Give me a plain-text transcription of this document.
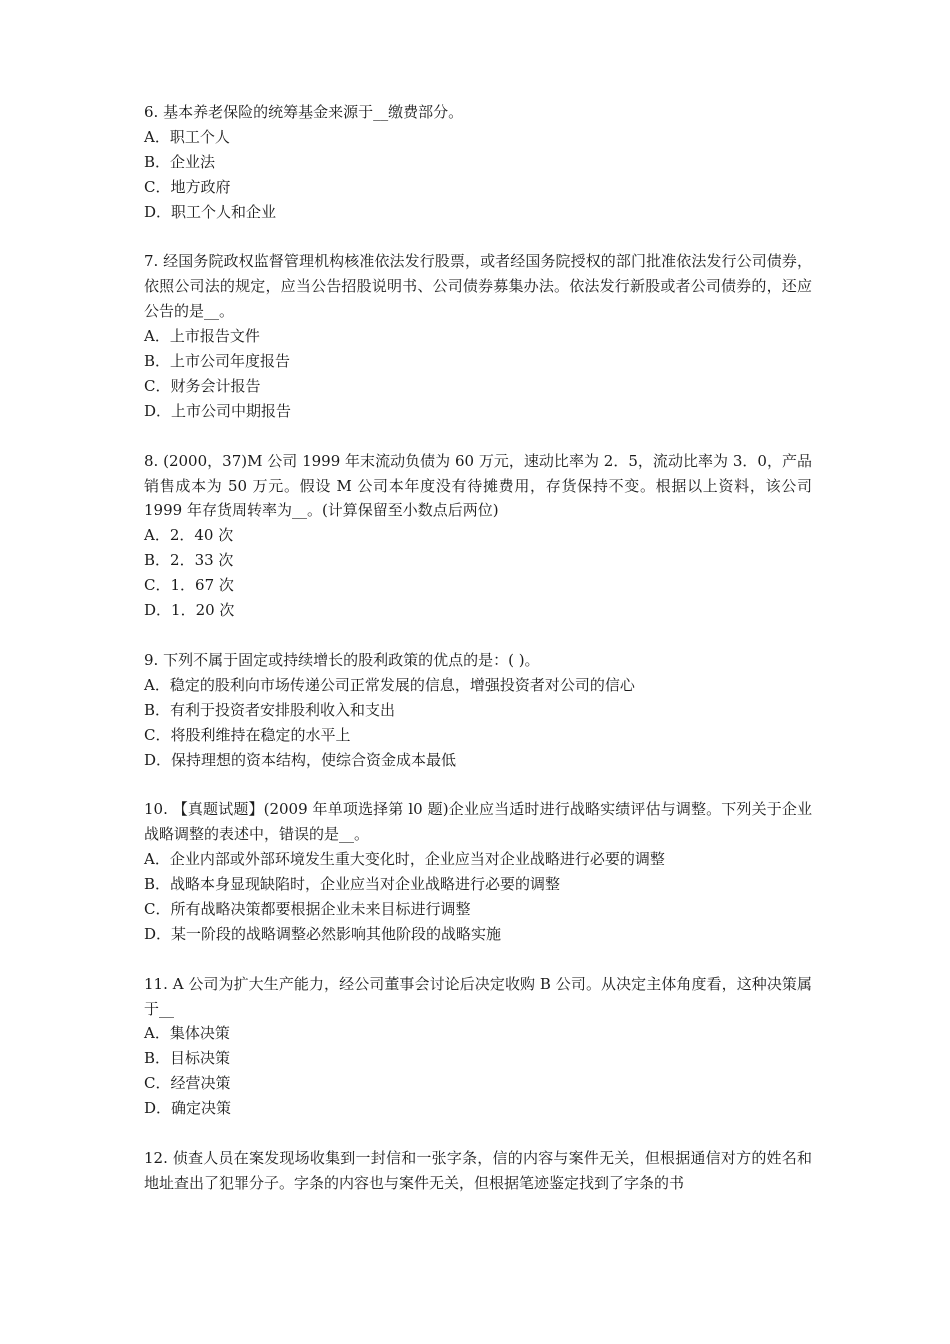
6. 基本养老保险的统筹基金来源于__缴费部分。

A．职工个人

B．企业法

C．地方政府

D．职工个人和企业

7. 经国务院政权监督管理机构核准依法发行股票，或者经国务院授权的部门批准依法发行公司债券，依照公司法的规定，应当公告招股说明书、公司债券募集办法。依法发行新股或者公司债券的，还应公告的是__。

A．上市报告文件

B．上市公司年度报告

C．财务会计报告

D．上市公司中期报告

8. (2000，37)M 公司 1999 年末流动负债为 60 万元，速动比率为 2．5，流动比率为 3．0，产品销售成本为 50 万元。假设 M 公司本年度没有待摊费用，存货保持不变。根据以上资料，该公司 1999 年存货周转率为__。(计算保留至小数点后两位)

A．2．40 次

B．2．33 次

C．1．67 次

D．1．20 次

9. 下列不属于固定或持续增长的股利政策的优点的是：( )。

A．稳定的股利向市场传递公司正常发展的信息，增强投资者对公司的信心

B．有利于投资者安排股利收入和支出

C．将股利维持在稳定的水平上

D．保持理想的资本结构，使综合资金成本最低

10. 【真题试题】(2009 年单项选择第 l0 题)企业应当适时进行战略实绩评估与调整。下列关于企业战略调整的表述中，错误的是__。

A．企业内部或外部环境发生重大变化时，企业应当对企业战略进行必要的调整

B．战略本身显现缺陷时，企业应当对企业战略进行必要的调整

C．所有战略决策都要根据企业未来目标进行调整

D．某一阶段的战略调整必然影响其他阶段的战略实施

11. A 公司为扩大生产能力，经公司董事会讨论后决定收购 B 公司。从决定主体角度看，这种决策属于__

A．集体决策

B．目标决策

C．经营决策

D．确定决策

12. 侦查人员在案发现场收集到一封信和一张字条，信的内容与案件无关，但根据通信对方的姓名和地址查出了犯罪分子。字条的内容也与案件无关，但根据笔迹鉴定找到了字条的书
